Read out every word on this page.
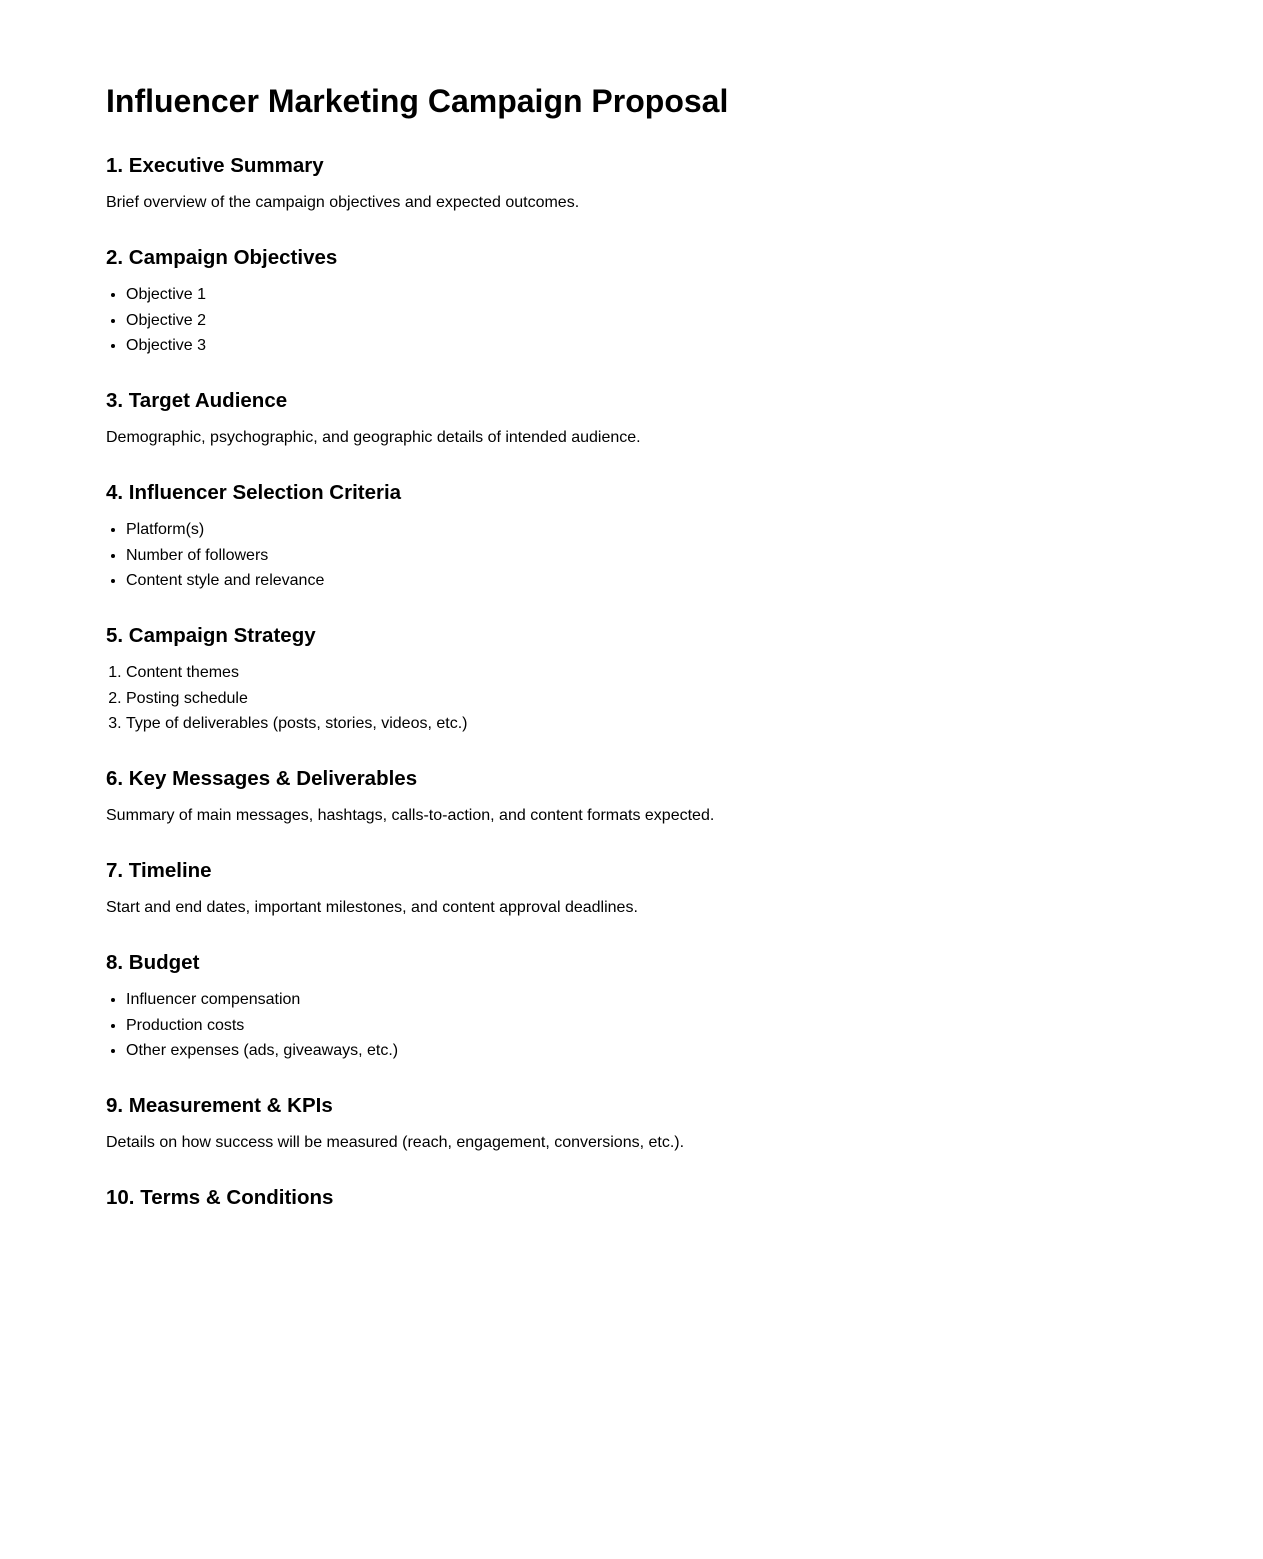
Influencer Marketing Campaign Proposal
1. Executive Summary

Brief overview of the campaign objectives and expected outcomes.

2. Campaign Objectives
• Objective 1
• Objective 2
• Objective 3
3. Target Audience

Demographic, psychographic, and geographic details of intended audience.

4. Influencer Selection Criteria
• Platform(s)
• Number of followers
• Content style and relevance
5. Campaign Strategy
1. Content themes
2. Posting schedule
3. Type of deliverables (posts, stories, videos, etc.)
6. Key Messages & Deliverables

Summary of main messages, hashtags, calls-to-action, and content formats expected.

7. Timeline

Start and end dates, important milestones, and content approval deadlines.

8. Budget
• Influencer compensation
• Production costs
• Other expenses (ads, giveaways, etc.)
9. Measurement & KPIs

Details on how success will be measured (reach, engagement, conversions, etc.).

10. Terms & Conditions
